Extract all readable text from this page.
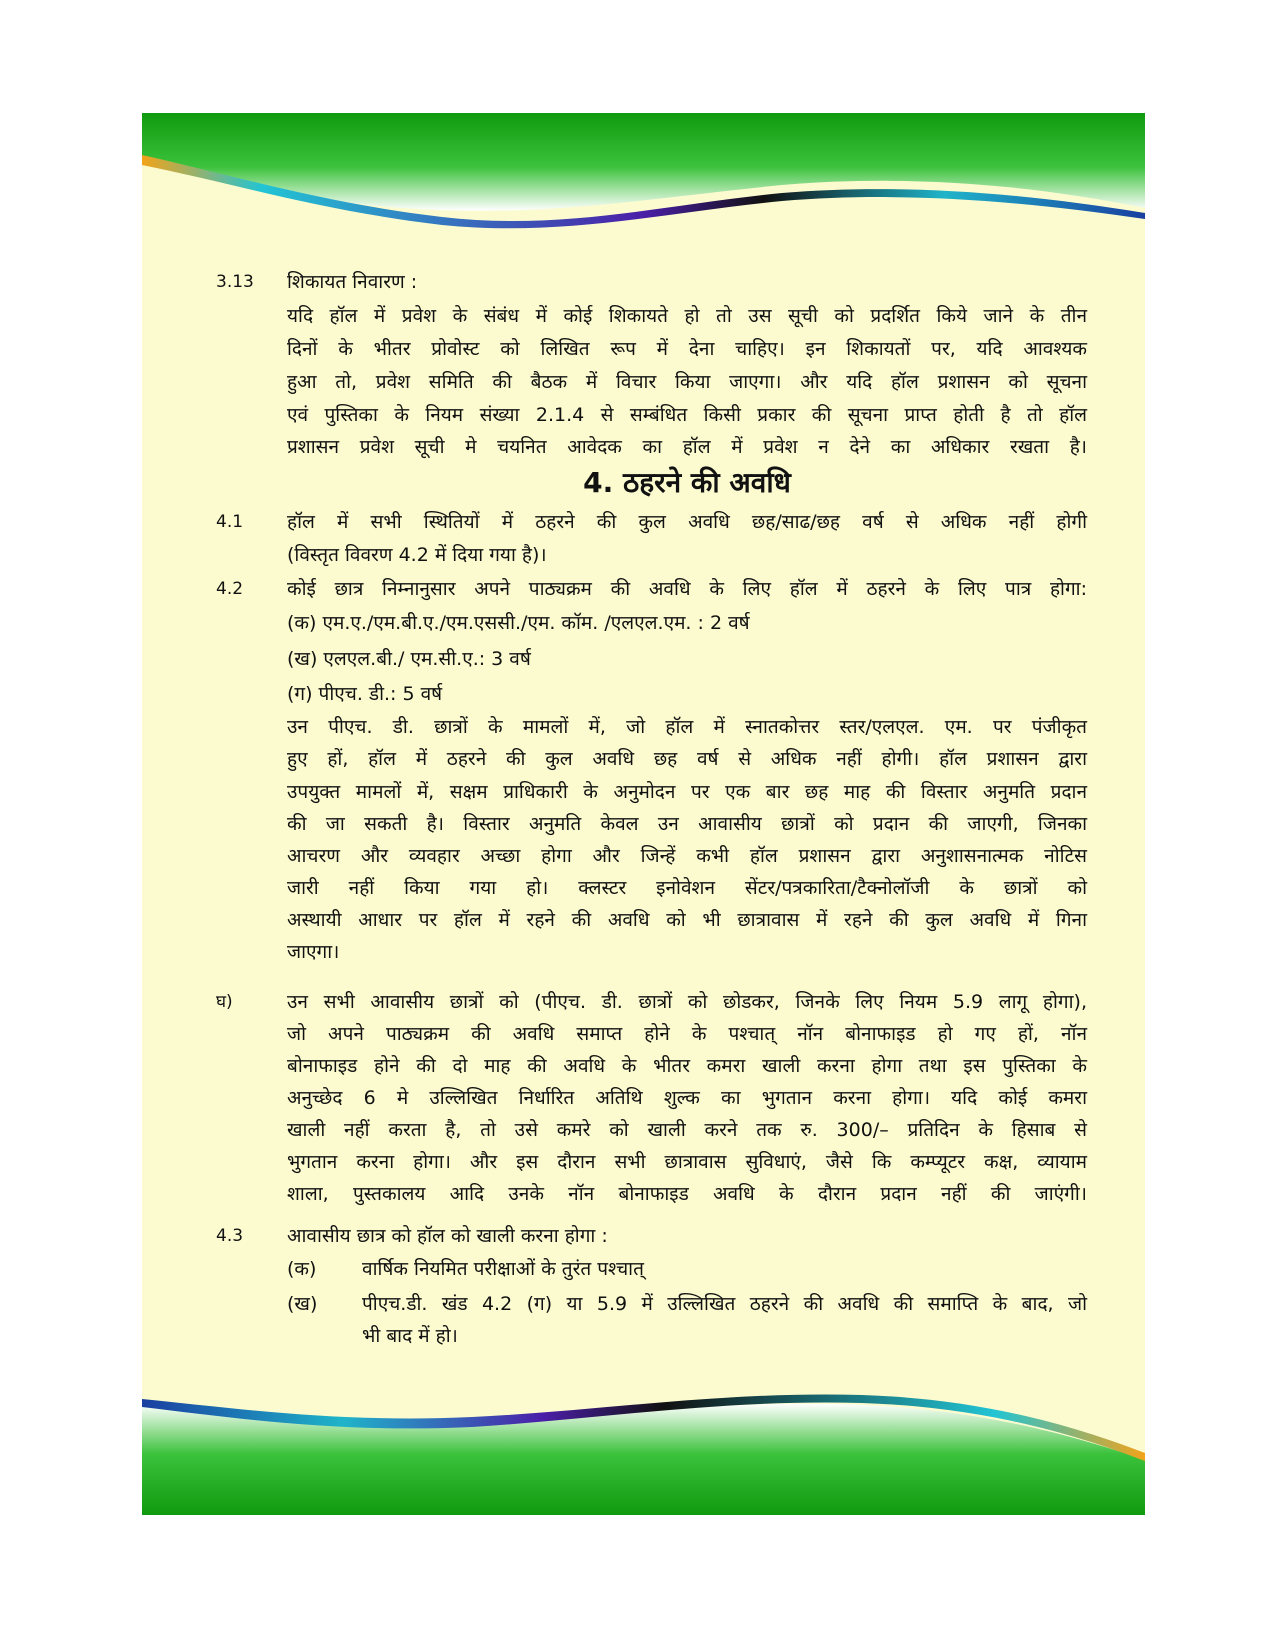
3.13 शिकायत निवारण :
यदि हॉल में प्रवेश के संबंध में कोई शिकायते हो तो उस सूची को प्रदर्शित किये जाने के तीन
दिनों के भीतर प्रोवोस्ट को लिखित रूप में देना चाहिए। इन शिकायतों पर, यदि आवश्यक
हुआ तो, प्रवेश समिति की बैठक में विचार किया जाएगा। और यदि हॉल प्रशासन को सूचना
एवं पुस्तिका के नियम संख्या 2.1.4 से सम्बंधित किसी प्रकार की सूचना प्राप्त होती है तो हॉल
प्रशासन प्रवेश सूची मे चयनित आवेदक का हॉल में प्रवेश न देने का अधिकार रखता है।
4. ठहरने की अवधि
4.1 हॉल में सभी स्थितियों में ठहरने की कुल अवधि छह/साढ/छह वर्ष से अधिक नहीं होगी
(विस्तृत विवरण 4.2 में दिया गया है)।
4.2 कोई छात्र निम्नानुसार अपने पाठ्यक्रम की अवधि के लिए हॉल में ठहरने के लिए पात्र होगा:
(क) एम.ए./एम.बी.ए./एम.एससी./एम. कॉम. /एलएल.एम. : 2 वर्ष
(ख) एलएल.बी./ एम.सी.ए.: 3 वर्ष
(ग) पीएच. डी.: 5 वर्ष
उन पीएच. डी. छात्रों के मामलों में, जो हॉल में स्नातकोत्तर स्तर/एलएल. एम. पर पंजीकृत
हुए हों, हॉल में ठहरने की कुल अवधि छह वर्ष से अधिक नहीं होगी। हॉल प्रशासन द्वारा
उपयुक्त मामलों में, सक्षम प्राधिकारी के अनुमोदन पर एक बार छह माह की विस्तार अनुमति प्रदान
की जा सकती है। विस्तार अनुमति केवल उन आवासीय छात्रों को प्रदान की जाएगी, जिनका
आचरण और व्यवहार अच्छा होगा और जिन्हें कभी हॉल प्रशासन द्वारा अनुशासनात्मक नोटिस
जारी नहीं किया गया हो। क्लस्टर इनोवेशन सेंटर/पत्रकारिता/टैक्नोलॉजी के छात्रों को
अस्थायी आधार पर हॉल में रहने की अवधि को भी छात्रावास में रहने की कुल अवधि में गिना
जाएगा।
घ)	उन सभी आवासीय छात्रों को (पीएच. डी. छात्रों को छोडकर, जिनके लिए नियम 5.9 लागू होगा),
जो अपने पाठ्यक्रम की अवधि समाप्त होने के पश्चात् नॉन बोनाफाइड हो गए हों, नॉन
बोनाफाइड होने की दो माह की अवधि के भीतर कमरा खाली करना होगा तथा इस पुस्तिका के
अनुच्छेद 6 मे उल्लिखित निर्धारित अतिथि शुल्क का भुगतान करना होगा। यदि कोई कमरा
खाली नहीं करता है, तो उसे कमरे को खाली करने तक रु. 300/– प्रतिदिन के हिसाब से
भुगतान करना होगा। और इस दौरान सभी छात्रावास सुविधाएं, जैसे कि कम्प्यूटर कक्ष, व्यायाम
शाला, पुस्तकालय आदि उनके नॉन बोनाफाइड अवधि के दौरान प्रदान नहीं की जाएंगी।
4.3 आवासीय छात्र को हॉल को खाली करना होगा :
(क) वार्षिक नियमित परीक्षाओं के तुरंत पश्चात्
(ख) पीएच.डी. खंड 4.2 (ग) या 5.9 में उल्लिखित ठहरने की अवधि की समाप्ति के बाद, जो
भी बाद में हो।
